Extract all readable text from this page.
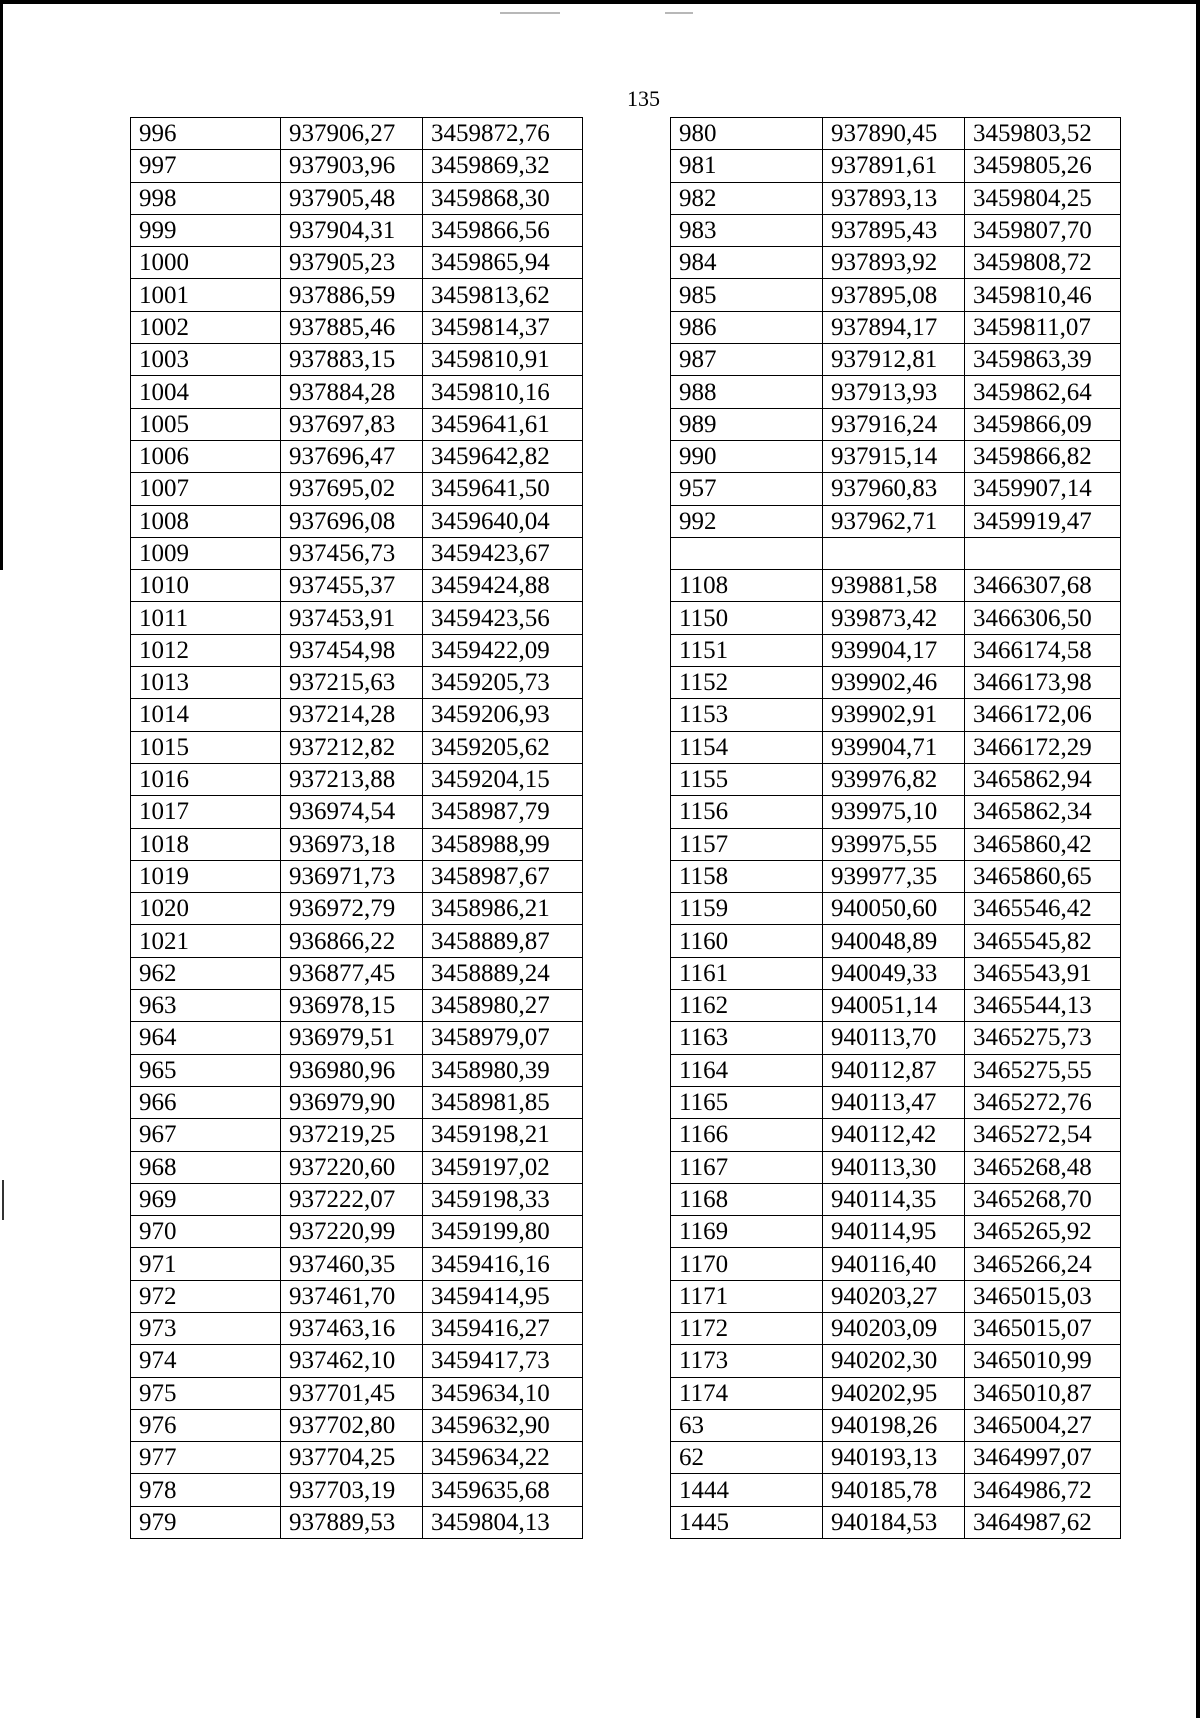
135
996	937906,27	3459872,76
997	937903,96	3459869,32
998	937905,48	3459868,30
999	937904,31	3459866,56
1000	937905,23	3459865,94
1001	937886,59	3459813,62
1002	937885,46	3459814,37
1003	937883,15	3459810,91
1004	937884,28	3459810,16
1005	937697,83	3459641,61
1006	937696,47	3459642,82
1007	937695,02	3459641,50
1008	937696,08	3459640,04
1009	937456,73	3459423,67
1010	937455,37	3459424,88
1011	937453,91	3459423,56
1012	937454,98	3459422,09
1013	937215,63	3459205,73
1014	937214,28	3459206,93
1015	937212,82	3459205,62
1016	937213,88	3459204,15
1017	936974,54	3458987,79
1018	936973,18	3458988,99
1019	936971,73	3458987,67
1020	936972,79	3458986,21
1021	936866,22	3458889,87
962	936877,45	3458889,24
963	936978,15	3458980,27
964	936979,51	3458979,07
965	936980,96	3458980,39
966	936979,90	3458981,85
967	937219,25	3459198,21
968	937220,60	3459197,02
969	937222,07	3459198,33
970	937220,99	3459199,80
971	937460,35	3459416,16
972	937461,70	3459414,95
973	937463,16	3459416,27
974	937462,10	3459417,73
975	937701,45	3459634,10
976	937702,80	3459632,90
977	937704,25	3459634,22
978	937703,19	3459635,68
979	937889,53	3459804,13
980	937890,45	3459803,52
981	937891,61	3459805,26
982	937893,13	3459804,25
983	937895,43	3459807,70
984	937893,92	3459808,72
985	937895,08	3459810,46
986	937894,17	3459811,07
987	937912,81	3459863,39
988	937913,93	3459862,64
989	937916,24	3459866,09
990	937915,14	3459866,82
957	937960,83	3459907,14
992	937962,71	3459919,47

1108	939881,58	3466307,68
1150	939873,42	3466306,50
1151	939904,17	3466174,58
1152	939902,46	3466173,98
1153	939902,91	3466172,06
1154	939904,71	3466172,29
1155	939976,82	3465862,94
1156	939975,10	3465862,34
1157	939975,55	3465860,42
1158	939977,35	3465860,65
1159	940050,60	3465546,42
1160	940048,89	3465545,82
1161	940049,33	3465543,91
1162	940051,14	3465544,13
1163	940113,70	3465275,73
1164	940112,87	3465275,55
1165	940113,47	3465272,76
1166	940112,42	3465272,54
1167	940113,30	3465268,48
1168	940114,35	3465268,70
1169	940114,95	3465265,92
1170	940116,40	3465266,24
1171	940203,27	3465015,03
1172	940203,09	3465015,07
1173	940202,30	3465010,99
1174	940202,95	3465010,87
63	940198,26	3465004,27
62	940193,13	3464997,07
1444	940185,78	3464986,72
1445	940184,53	3464987,62
